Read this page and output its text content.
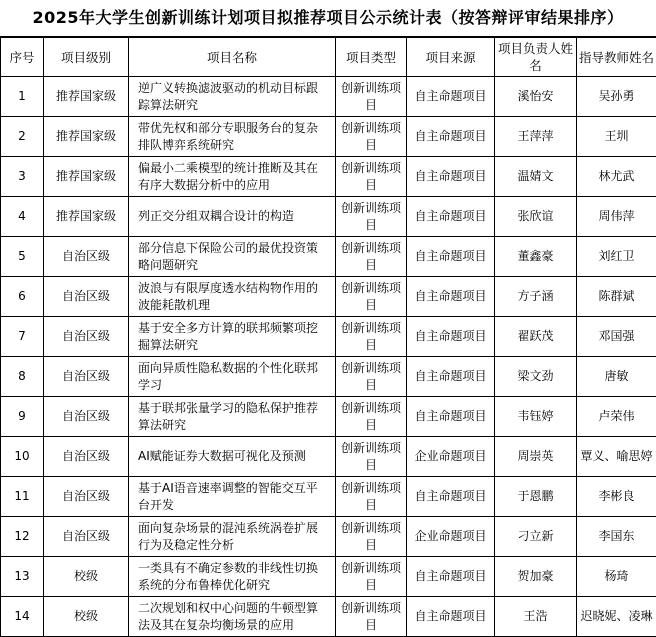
2025年大学生创新训练计划项目拟推荐项目公示统计表（按答辩评审结果排序）
序号	项目级别	项目名称	项目类型	项目来源	项目负责人姓名	指导教师姓名
1	推荐国家级	逆广义转换滤波驱动的机动目标跟踪算法研究	创新训练项目	自主命题项目	溪怡安	吴孙勇
2	推荐国家级	带优先权和部分专职服务台的复杂排队博弈系统研究	创新训练项目	自主命题项目	王萍萍	王圳
3	推荐国家级	偏最小二乘模型的统计推断及其在有序大数据分析中的应用	创新训练项目	自主命题项目	温婧文	林尤武
4	推荐国家级	列正交分组双耦合设计的构造	创新训练项目	自主命题项目	张欣谊	周伟萍
5	自治区级	部分信息下保险公司的最优投资策略问题研究	创新训练项目	自主命题项目	董鑫豪	刘红卫
6	自治区级	波浪与有限厚度透水结构物作用的波能耗散机理	创新训练项目	自主命题项目	方子涵	陈群斌
7	自治区级	基于安全多方计算的联邦频繁项挖掘算法研究	创新训练项目	自主命题项目	翟跃茂	邓国强
8	自治区级	面向异质性隐私数据的个性化联邦学习	创新训练项目	自主命题项目	梁文劲	唐敏
9	自治区级	基于联邦张量学习的隐私保护推荐算法研究	创新训练项目	自主命题项目	韦钰婷	卢荣伟
10	自治区级	AI赋能证券大数据可视化及预测	创新训练项目	企业命题项目	周崇英	覃义、喻思婷
11	自治区级	基于AI语音速率调整的智能交互平台开发	创新训练项目	自主命题项目	于恩鹏	李彬良
12	自治区级	面向复杂场景的混沌系统涡卷扩展行为及稳定性分析	创新训练项目	企业命题项目	刁立新	李国东
13	校级	一类具有不确定参数的非线性切换系统的分布鲁棒优化研究	创新训练项目	自主命题项目	贺加豪	杨琦
14	校级	二次规划和权中心问题的牛顿型算法及其在复杂均衡场景的应用	创新训练项目	自主命题项目	王浩	迟晓妮、凌琳
